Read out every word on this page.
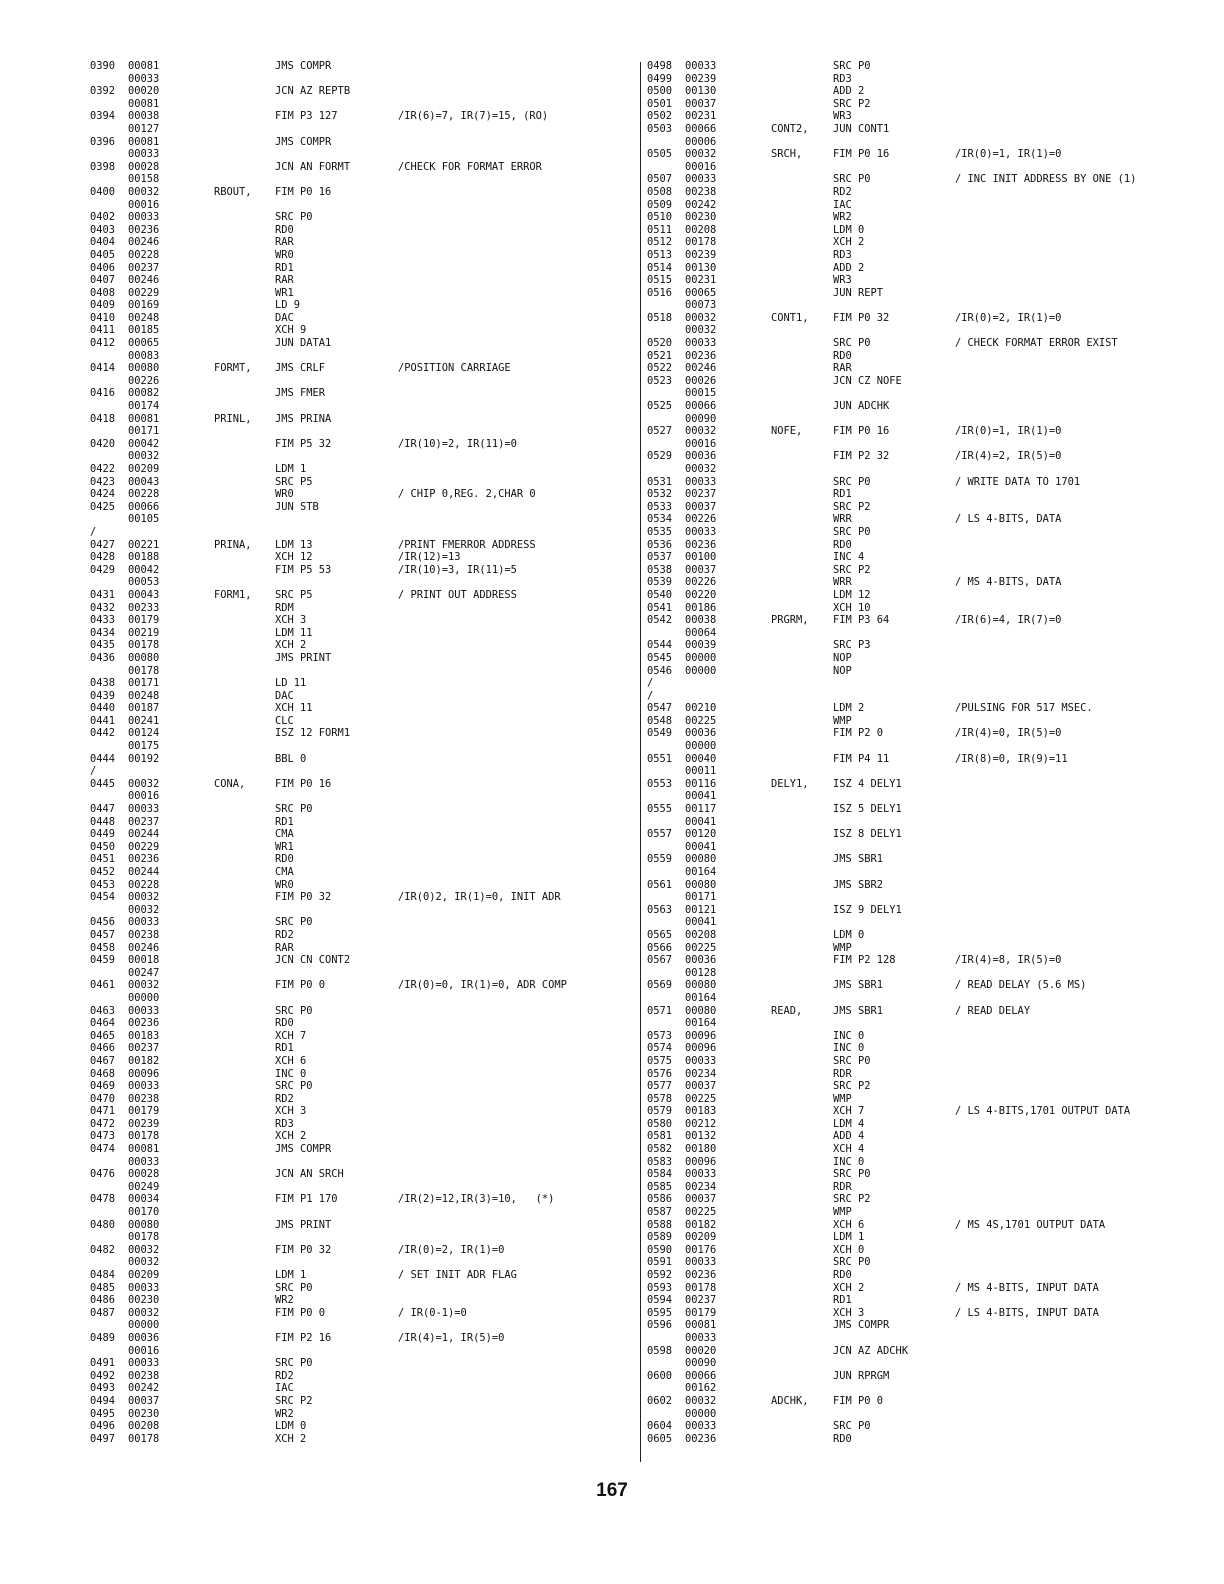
0390 00081	JMS COMPR
00033
0392 00020	JCN AZ REPTB
00081
0394 00038	FIM P3 127	/IR(6)=7, IR(7)=15, (RO)
00127
0396 00081	JMS COMPR
00033
0398 00028	JCN AN FORMT	/CHECK FOR FORMAT ERROR
00158
0400 00032	RBOUT, FIM P0 16
00016
0402 00033	SRC P0
0403 00236	RD0
0404 00246	RAR
0405 00228	WR0
0406 00237	RD1
0407 00246	RAR
0408 00229	WR1
0409 00169	LD 9
0410 00248	DAC
0411 00185	XCH 9
0412 00065	JUN DATA1
00083
0414 00080	FORMT, JMS CRLF	/POSITION CARRIAGE
00226
0416 00082	JMS FMER
00174
0418 00081	PRINL, JMS PRINA
00171
0420 00042	FIM P5 32	/IR(10)=2, IR(11)=0
00032
0422 00209	LDM 1
0423 00043	SRC P5
0424 00228	WR0	/ CHIP 0,REG. 2,CHAR 0
0425 00066	JUN STB
00105
/
0427 00221	PRINA, LDM 13	/PRINT FMERROR ADDRESS
0428 00188	XCH 12	/IR(12)=13
0429 00042	FIM P5 53	/IR(10)=3, IR(11)=5
00053
0431 00043	FORM1, SRC P5	/ PRINT OUT ADDRESS
0432 00233	RDM
0433 00179	XCH 3
0434 00219	LDM 11
0435 00178	XCH 2
0436 00080	JMS PRINT
00178
0438 00171	LD 11
0439 00248	DAC
0440 00187	XCH 11
0441 00241	CLC
0442 00124	ISZ 12 FORM1
00175
0444 00192	BBL 0
/
0445 00032	CONA,	FIM P0 16
00016
0447 00033	SRC P0
0448 00237	RD1
0449 00244	CMA
0450 00229	WR1
0451 00236	RD0
0452 00244	CMA
0453 00228	WR0
0454 00032	FIM P0 32	/IR(0)2, IR(1)=0, INIT ADR
00032
0456 00033	SRC P0
0457 00238	RD2
0458 00246	RAR
0459 00018	JCN CN CONT2
00247
0461 00032	FIM P0 0	/IR(0)=0, IR(1)=0, ADR COMP
00000
0463 00033	SRC P0
0464 00236	RD0
0465 00183	XCH 7
0466 00237	RD1
0467 00182	XCH 6
0468 00096	INC 0
0469 00033	SRC P0
0470 00238	RD2
0471 00179	XCH 3
0472 00239	RD3
0473 00178	XCH 2
0474 00081	JMS COMPR
00033
0476 00028	JCN AN SRCH
00249
0478 00034	FIM P1 170	/IR(2)=12,IR(3)=10,   (*)
00170
0480 00080	JMS PRINT
00178
0482 00032	FIM P0 32	/IR(0)=2, IR(1)=0
00032
0484 00209	LDM 1	/ SET INIT ADR FLAG
0485 00033	SRC P0
0486 00230	WR2
0487 00032	FIM P0 0	/ IR(0-1)=0
00000
0489 00036	FIM P2 16	/IR(4)=1, IR(5)=0
00016
0491 00033	SRC P0
0492 00238	RD2
0493 00242	IAC
0494 00037	SRC P2
0495 00230	WR2
0496 00208	LDM 0
0497 00178	XCH 2
0498 00033	SRC P0
0499 00239	RD3
0500 00130	ADD 2
0501 00037	SRC P2
0502 00231	WR3
0503 00066	CONT2, JUN CONT1
00006
0505 00032	SRCH,	FIM P0 16	/IR(0)=1, IR(1)=0
00016
0507 00033	SRC P0	/ INC INIT ADDRESS BY ONE (1)
0508 00238	RD2
0509 00242	IAC
0510 00230	WR2
0511 00208	LDM 0
0512 00178	XCH 2
0513 00239	RD3
0514 00130	ADD 2
0515 00231	WR3
0516 00065	JUN REPT
00073
0518 00032	CONT1, FIM P0 32	/IR(0)=2, IR(1)=0
00032
0520 00033	SRC P0	/ CHECK FORMAT ERROR EXIST
0521 00236	RD0
0522 00246	RAR
0523 00026	JCN CZ NOFE
00015
0525 00066	JUN ADCHK
00090
0527 00032	NOFE,	FIM P0 16	/IR(0)=1, IR(1)=0
00016
0529 00036	FIM P2 32	/IR(4)=2, IR(5)=0
00032
0531 00033	SRC P0	/ WRITE DATA TO 1701
0532 00237	RD1
0533 00037	SRC P2
0534 00226	WRR	/ LS 4-BITS, DATA
0535 00033	SRC P0
0536 00236	RD0
0537 00100	INC 4
0538 00037	SRC P2
0539 00226	WRR	/ MS 4-BITS, DATA
0540 00220	LDM 12
0541 00186	XCH 10
0542 00038	PRGRM, FIM P3 64	/IR(6)=4, IR(7)=0
00064
0544 00039	SRC P3
0545 00000	NOP
0546 00000	NOP
/
/
0547 00210	LDM 2	/PULSING FOR 517 MSEC.
0548 00225	WMP
0549 00036	FIM P2 0	/IR(4)=0, IR(5)=0
00000
0551 00040	FIM P4 11	/IR(8)=0, IR(9)=11
00011
0553 00116	DELY1, ISZ 4 DELY1
00041
0555 00117	ISZ 5 DELY1
00041
0557 00120	ISZ 8 DELY1
00041
0559 00080	JMS SBR1
00164
0561 00080	JMS SBR2
00171
0563 00121	ISZ 9 DELY1
00041
0565 00208	LDM 0
0566 00225	WMP
0567 00036	FIM P2 128	/IR(4)=8, IR(5)=0
00128
0569 00080	JMS SBR1	/ READ DELAY (5.6 MS)
00164
0571 00080	READ,	JMS SBR1	/ READ DELAY
00164
0573 00096	INC 0
0574 00096	INC 0
0575 00033	SRC P0
0576 00234	RDR
0577 00037	SRC P2
0578 00225	WMP
0579 00183	XCH 7	/ LS 4-BITS,1701 OUTPUT DATA
0580 00212	LDM 4
0581 00132	ADD 4
0582 00180	XCH 4
0583 00096	INC 0
0584 00033	SRC P0
0585 00234	RDR
0586 00037	SRC P2
0587 00225	WMP
0588 00182	XCH 6	/ MS 4S,1701 OUTPUT DATA
0589 00209	LDM 1
0590 00176	XCH 0
0591 00033	SRC P0
0592 00236	RD0
0593 00178	XCH 2	/ MS 4-BITS, INPUT DATA
0594 00237	RD1
0595 00179	XCH 3	/ LS 4-BITS, INPUT DATA
0596 00081	JMS COMPR
00033
0598 00020	JCN AZ ADCHK
00090
0600 00066	JUN RPRGM
00162
0602 00032	ADCHK, FIM P0 0
00000
0604 00033	SRC P0
0605 00236	RD0
167
